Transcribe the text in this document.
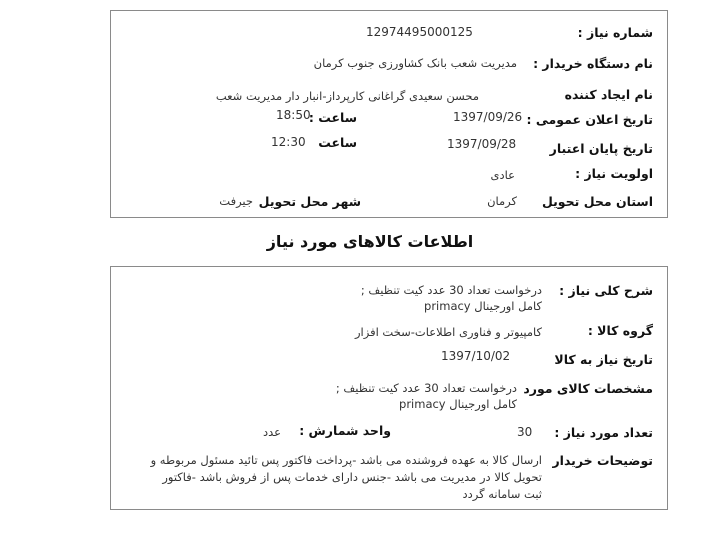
شماره نیاز :
12974495000125
نام دستگاه خریدار :
مدیریت شعب بانک کشاورزی جنوب کرمان
نام ایجاد کننده
محسن سعیدی گراغانی کارپرداز-انبار دار مدیریت شعب
تاریخ اعلان عمومی :
1397/09/26
ساعت :
18:50
تاریخ پایان اعتبار
1397/09/28
ساعت
12:30
اولویت نیاز :
عادی
استان محل تحویل
کرمان
شهر محل تحویل
جیرفت
اطلاعات کالاهای مورد نیاز
شرح کلی نیاز :
درخواست تعداد 30 عدد کیت تنظیف ;
کامل اورجینال primacy
گروه کالا :
کامپیوتر و فناوری اطلاعات-سخت افزار
تاریخ نیاز به کالا
1397/10/02
مشخصات کالای مورد
درخواست تعداد 30 عدد کیت تنظیف ;
کامل اورجینال primacy
تعداد مورد نیاز :
30
واحد شمارش :
عدد
توضیحات خریدار
ارسال کالا به عهده فروشنده می باشد -پرداخت فاکتور پس تائید مسئول مربوطه و
تحویل کالا در مدیریت می باشد -جنس دارای خدمات پس از فروش باشد -فاکتور
ثبت سامانه گردد
